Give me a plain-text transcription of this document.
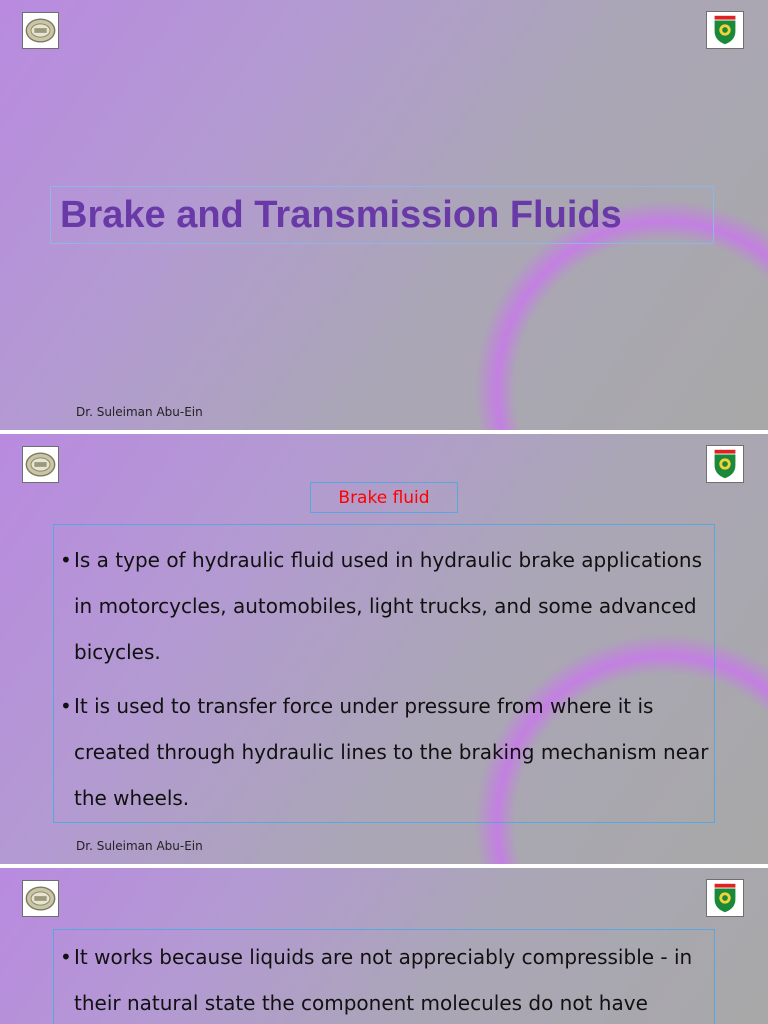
Brake and Transmission Fluids
Dr. Suleiman Abu-Ein
Brake fluid
• Is a type of hydraulic fluid used in hydraulic brake applications in motorcycles, automobiles, light trucks, and some advanced bicycles.
• It is used to transfer force under pressure from where it is created through hydraulic lines to the braking mechanism near the wheels.
Dr. Suleiman Abu-Ein
• It works because liquids are not appreciably compressible - in their natural state the component molecules do not have
